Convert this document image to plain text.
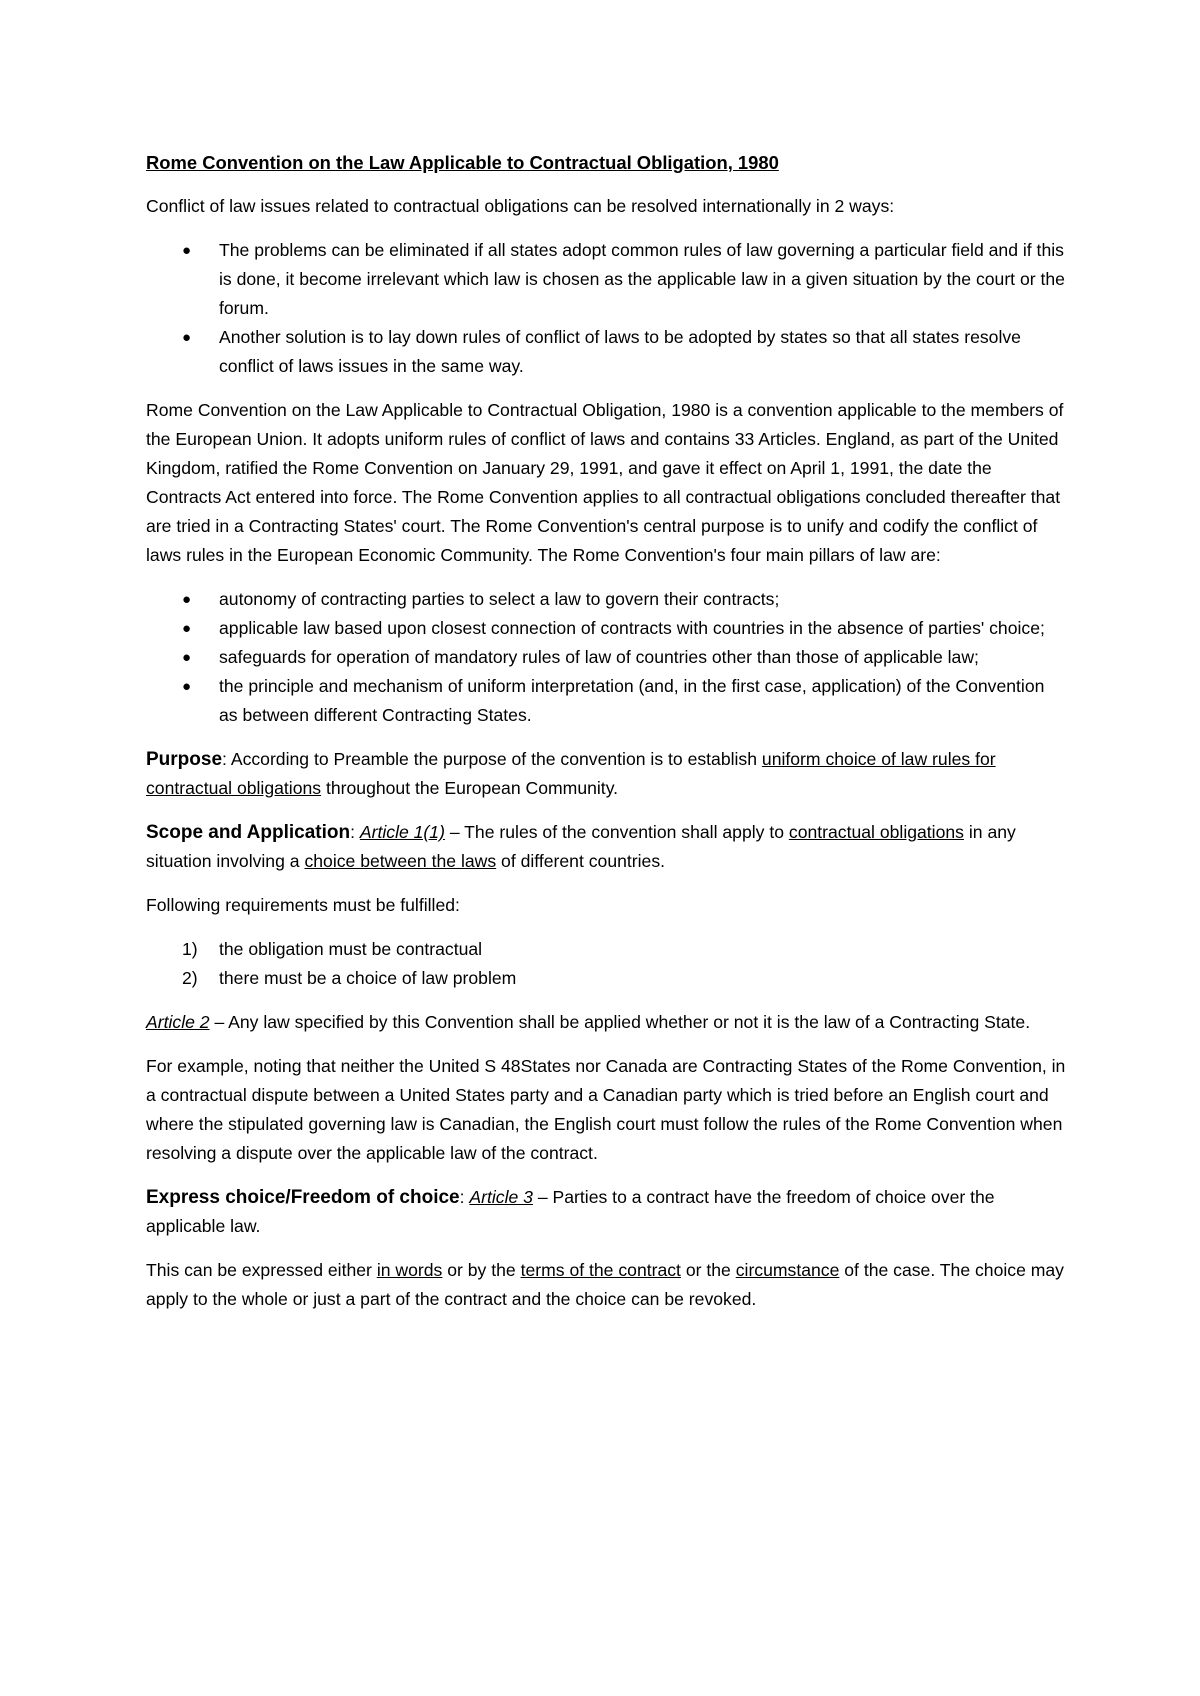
Rome Convention on the Law Applicable to Contractual Obligation, 1980

Conflict of law issues related to contractual obligations can be resolved internationally in 2 ways:

● The problems can be eliminated if all states adopt common rules of law governing a particular field and if this is done, it become irrelevant which law is chosen as the applicable law in a given situation by the court or the forum.
● Another solution is to lay down rules of conflict of laws to be adopted by states so that all states resolve conflict of laws issues in the same way.

Rome Convention on the Law Applicable to Contractual Obligation, 1980 is a convention applicable to the members of the European Union. It adopts uniform rules of conflict of laws and contains 33 Articles. England, as part of the United Kingdom, ratified the Rome Convention on January 29, 1991, and gave it effect on April 1, 1991, the date the Contracts Act entered into force. The Rome Convention applies to all contractual obligations concluded thereafter that are tried in a Contracting States' court. The Rome Convention's central purpose is to unify and codify the conflict of laws rules in the European Economic Community. The Rome Convention's four main pillars of law are:

● autonomy of contracting parties to select a law to govern their contracts;
● applicable law based upon closest connection of contracts with countries in the absence of parties' choice;
● safeguards for operation of mandatory rules of law of countries other than those of applicable law;
● the principle and mechanism of uniform interpretation (and, in the first case, application) of the Convention as between different Contracting States.

Purpose: According to Preamble the purpose of the convention is to establish uniform choice of law rules for contractual obligations throughout the European Community.

Scope and Application: Article 1(1) – The rules of the convention shall apply to contractual obligations in any situation involving a choice between the laws of different countries.

Following requirements must be fulfilled:

1) the obligation must be contractual
2) there must be a choice of law problem

Article 2 – Any law specified by this Convention shall be applied whether or not it is the law of a Contracting State.

For example, noting that neither the United S 48States nor Canada are Contracting States of the Rome Convention, in a contractual dispute between a United States party and a Canadian party which is tried before an English court and where the stipulated governing law is Canadian, the English court must follow the rules of the Rome Convention when resolving a dispute over the applicable law of the contract.

Express choice/Freedom of choice: Article 3 – Parties to a contract have the freedom of choice over the applicable law.

This can be expressed either in words or by the terms of the contract or the circumstance of the case. The choice may apply to the whole or just a part of the contract and the choice can be revoked.
